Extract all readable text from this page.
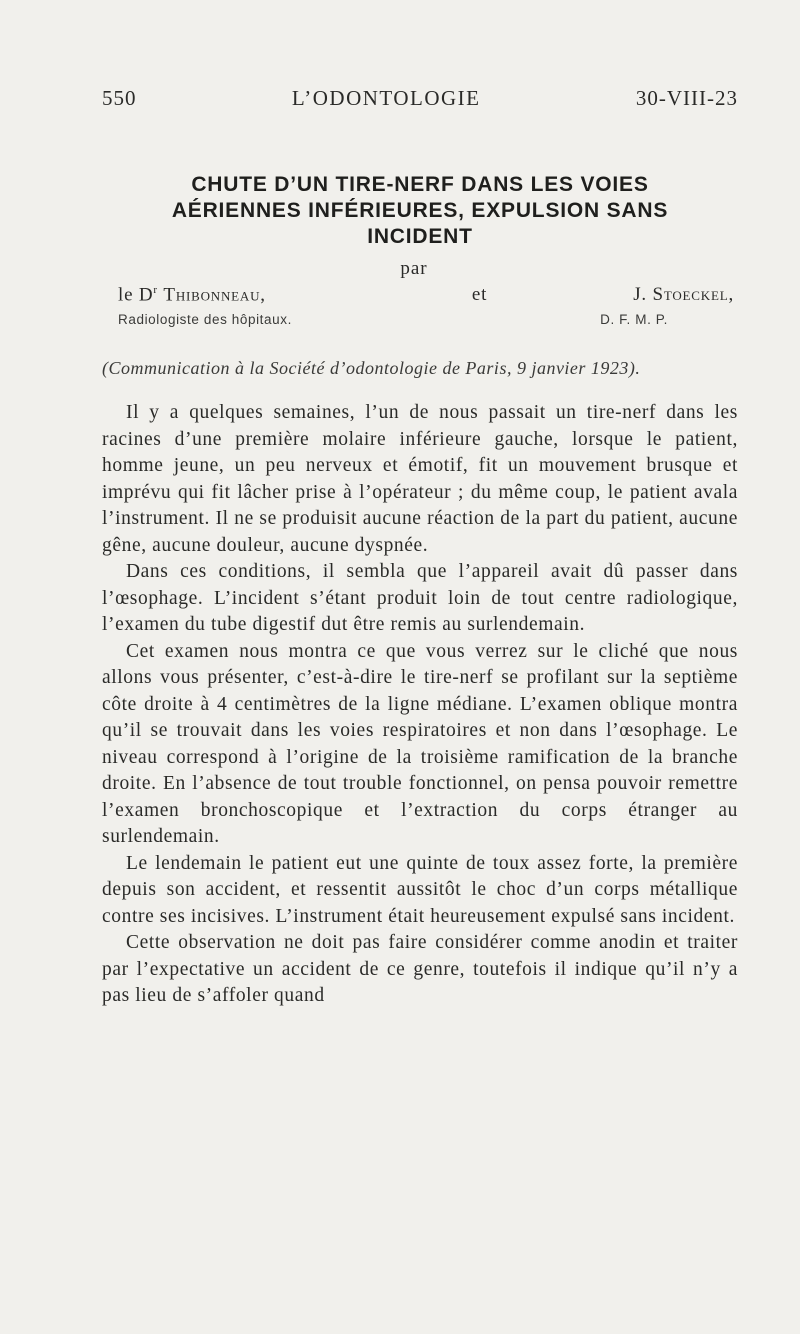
550	L’ODONTOLOGIE	30-VIII-23
CHUTE D’UN TIRE-NERF DANS LES VOIES
AÉRIENNES INFÉRIEURES, EXPULSION SANS
INCIDENT
par
le $D^r$ Thibonneau,	et	J. Stoeckel,
Radiologiste des hôpitaux.	D. F. M. P.
(Communication à la Société d’odontologie de Paris, 9 janvier 1923).

Il y a quelques semaines, l’un de nous passait un tire-nerf dans les racines d’une première molaire inférieure gauche, lorsque le patient, homme jeune, un peu nerveux et émotif, fit un mouvement brusque et imprévu qui fit lâcher prise à l’opérateur ; du même coup, le patient avala l’instrument. Il ne se produisit aucune réaction de la part du patient, aucune gêne, aucune douleur, aucune dyspnée.

Dans ces conditions, il sembla que l’appareil avait dû passer dans l’œsophage. L’incident s’étant produit loin de tout centre radiologique, l’examen du tube digestif dut être remis au surlendemain.

Cet examen nous montra ce que vous verrez sur le cliché que nous allons vous présenter, c’est-à-dire le tire-nerf se profilant sur la septième côte droite à 4 centimètres de la ligne médiane. L’examen oblique montra qu’il se trouvait dans les voies respiratoires et non dans l’œsophage. Le niveau correspond à l’origine de la troisième ramification de la branche droite. En l’absence de tout trouble fonctionnel, on pensa pouvoir remettre l’examen bronchoscopique et l’extraction du corps étranger au surlendemain.

Le lendemain le patient eut une quinte de toux assez forte, la première depuis son accident, et ressentit aussitôt le choc d’un corps métallique contre ses incisives. L’instrument était heureusement expulsé sans incident.

Cette observation ne doit pas faire considérer comme anodin et traiter par l’expectative un accident de ce genre, toutefois il indique qu’il n’y a pas lieu de s’affoler quand
